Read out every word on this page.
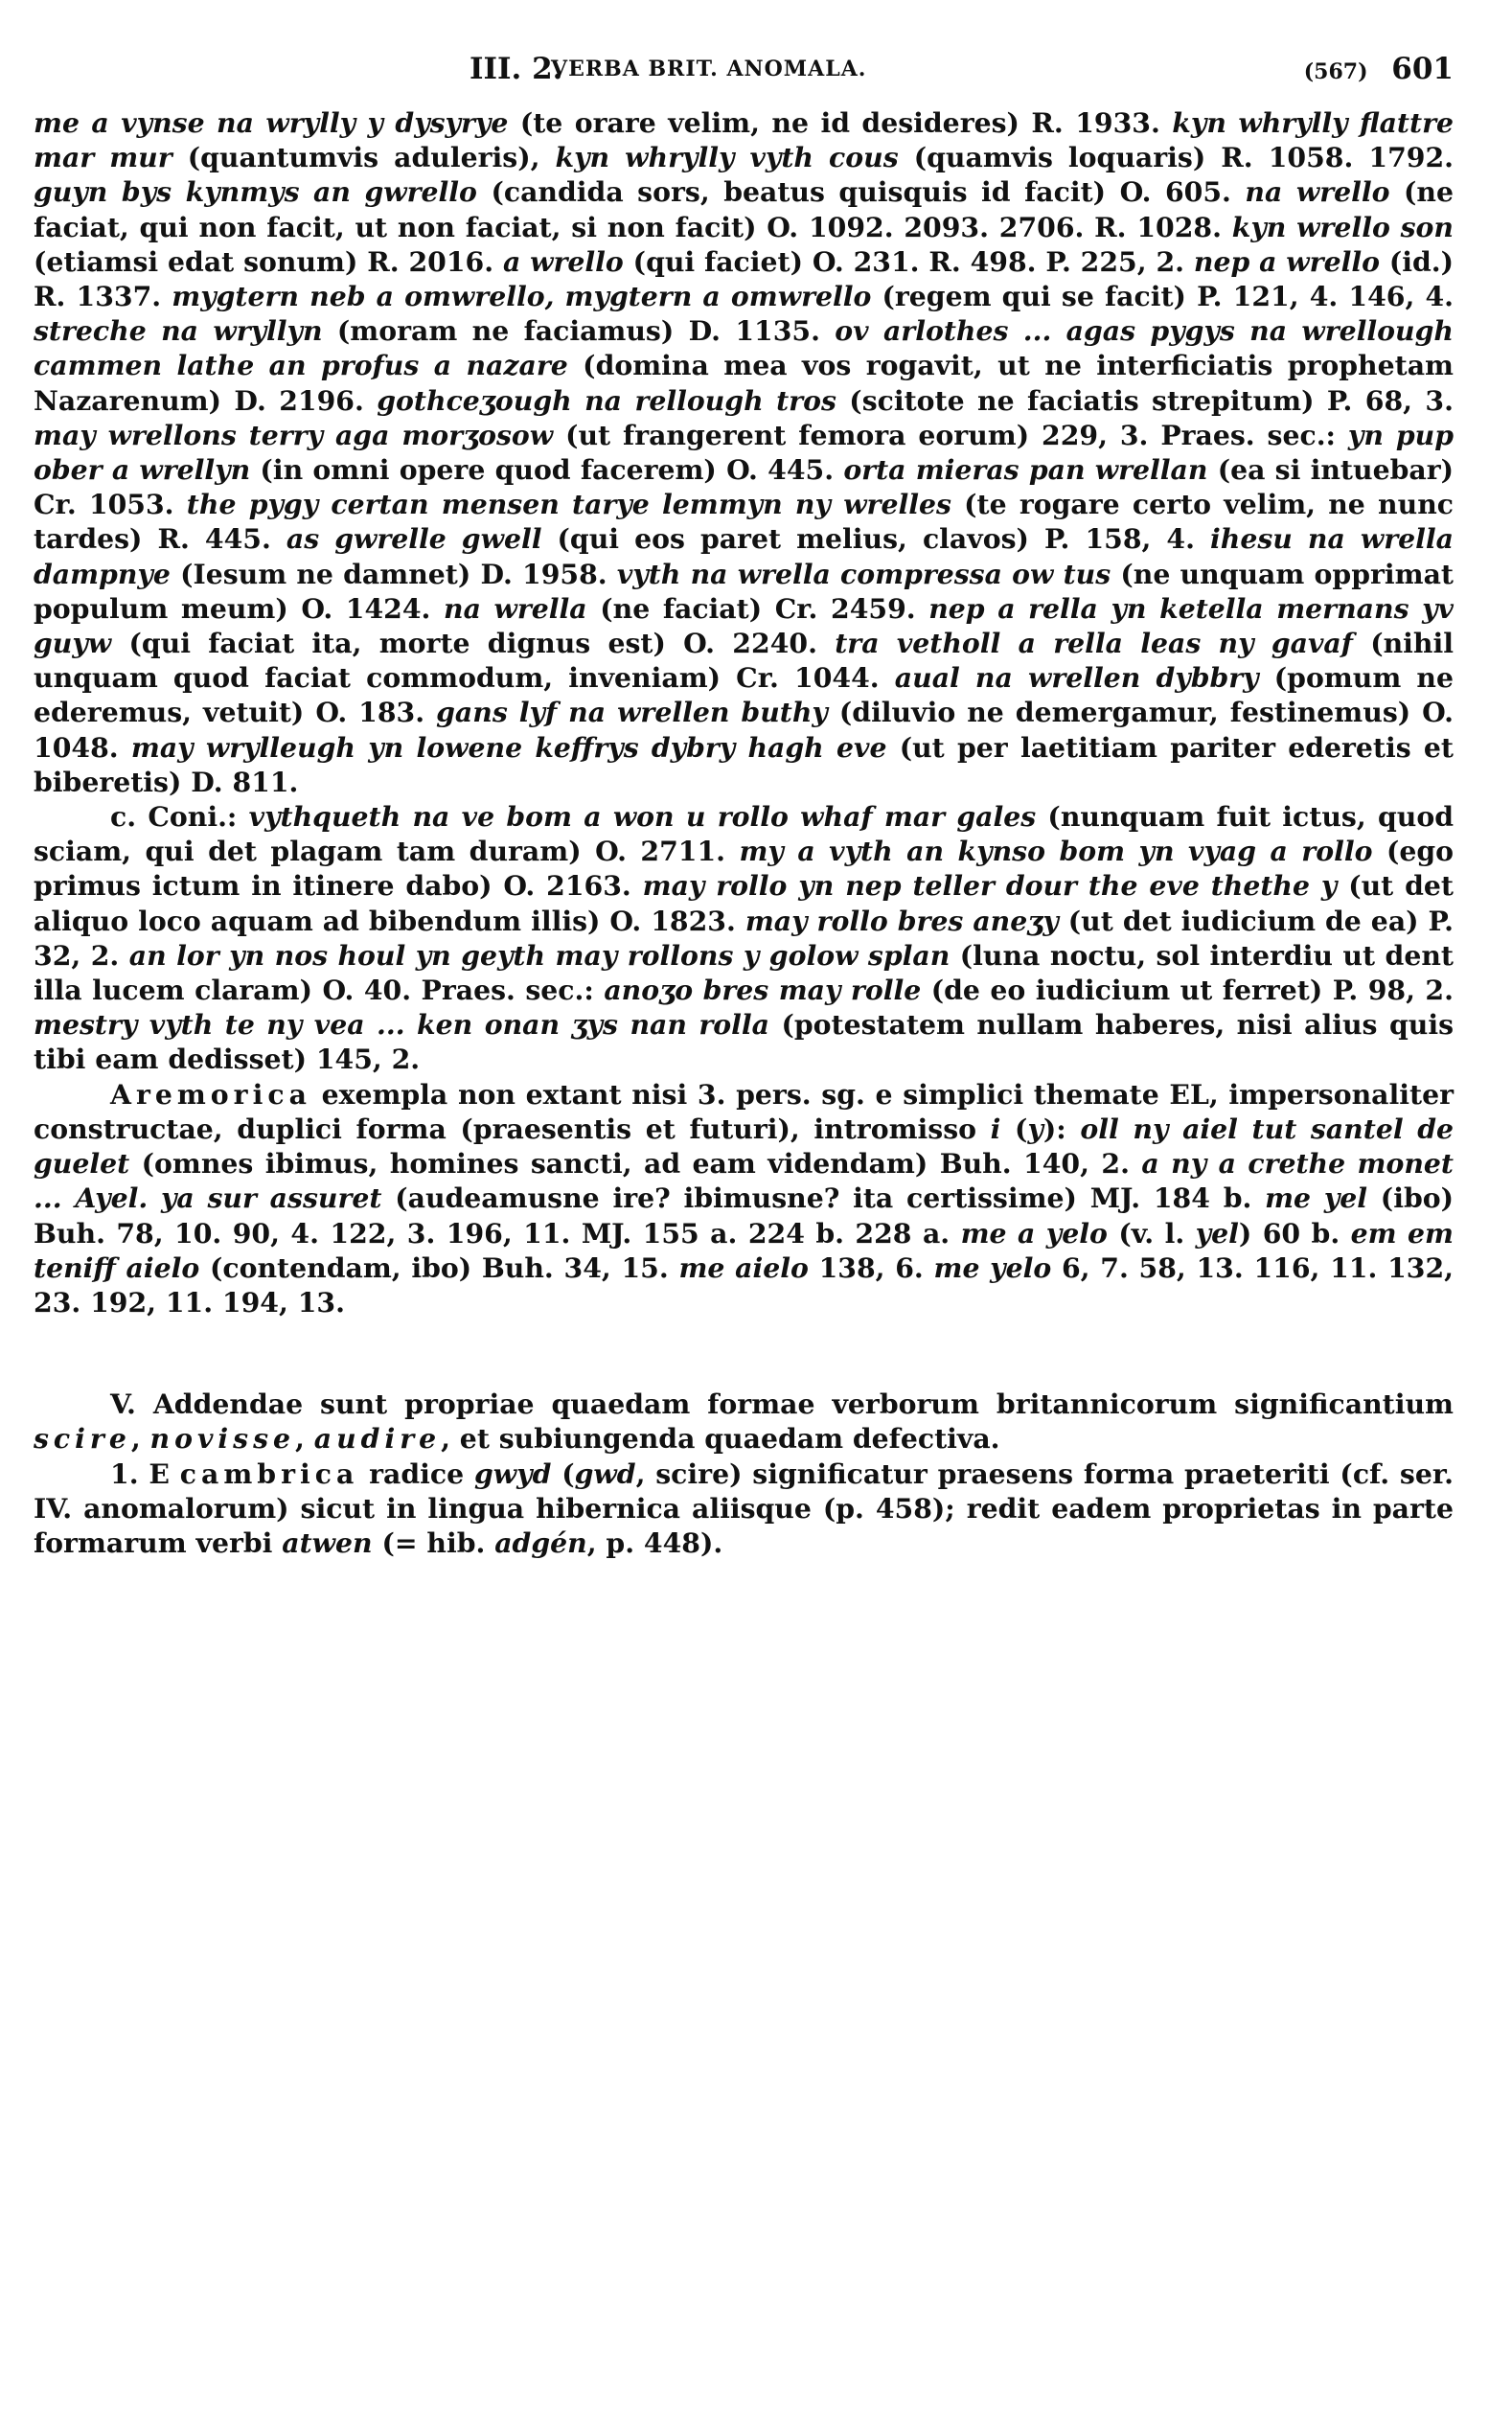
III. 2.
VERBA BRIT. ANOMALA.	(567) 601

me a vynse na wrylly y dysyrye (te orare velim, ne id desideres) R. 1933. kyn whrylly flattre mar mur (quantumvis aduleris), kyn whrylly vyth cous (quamvis loquaris) R. 1058. 1792. guyn bys kynmys an gwrello (candida sors, beatus quisquis id facit) O. 605. na wrello (ne faciat, qui non facit, ut non faciat, si non facit) O. 1092. 2093. 2706. R. 1028. kyn wrello son (etiamsi edat sonum) R. 2016. a wrello (qui faciet) O. 231. R. 498. P. 225, 2. nep a wrello (id.) R. 1337. mygtern neb a omwrello, mygtern a omwrello (regem qui se facit) P. 121, 4. 146, 4. streche na wryllyn (moram ne faciamus) D. 1135. ov arlothes ... agas pygys na wrellough cammen lathe an profus a nazare (domina mea vos rogavit, ut ne interficiatis prophetam Nazarenum) D. 2196. gothceʒough na rellough tros (scitote ne faciatis strepitum) P. 68, 3. may wrellons terry aga morʒosow (ut frangerent femora eorum) 229, 3. Praes. sec.: yn pup ober a wrellyn (in omni opere quod facerem) O. 445. orta mieras pan wrellan (ea si intuebar) Cr. 1053. the pygy certan mensen tarye lemmyn ny wrelles (te rogare certo velim, ne nunc tardes) R. 445. as gwrelle gwell (qui eos paret melius, clavos) P. 158, 4. ihesu na wrella dampnye (Iesum ne damnet) D. 1958. vyth na wrella compressa ow tus (ne unquam opprimat populum meum) O. 1424. na wrella (ne faciat) Cr. 2459. nep a rella yn ketella mernans yv guyw (qui faciat ita, morte dignus est) O. 2240. tra vetholl a rella leas ny gavaf (nihil unquam quod faciat commodum, inveniam) Cr. 1044. aual na wrellen dybbry (pomum ne ederemus, vetuit) O. 183. gans lyf na wrellen buthy (diluvio ne demergamur, festinemus) O. 1048. may wrylleugh yn lowene keffrys dybry hagh eve (ut per laetitiam pariter ederetis et biberetis) D. 811.

c. Coni.: vythqueth na ve bom a won u rollo whaf mar gales (nunquam fuit ictus, quod sciam, qui det plagam tam duram) O. 2711. my a vyth an kynso bom yn vyag a rollo (ego primus ictum in itinere dabo) O. 2163. may rollo yn nep teller dour the eve thethe y (ut det aliquo loco aquam ad bibendum illis) O. 1823. may rollo bres aneʒy (ut det iudicium de ea) P. 32, 2. an lor yn nos houl yn geyth may rollons y golow splan (luna noctu, sol interdiu ut dent illa lucem claram) O. 40. Praes. sec.: anoʒo bres may rolle (de eo iudicium ut ferret) P. 98, 2. mestry vyth te ny vea ... ken onan ʒys nan rolla (potestatem nullam haberes, nisi alius quis tibi eam dedisset) 145, 2.

Aremorica exempla non extant nisi 3. pers. sg. e simplici themate EL, impersonaliter constructae, duplici forma (praesentis et futuri), intromisso i (y): oll ny aiel tut santel de guelet (omnes ibimus, homines sancti, ad eam videndam) Buh. 140, 2. a ny a crethe monet ... Ayel. ya sur assuret (audeamusne ire? ibimusne? ita certissime) MJ. 184 b. me yel (ibo) Buh. 78, 10. 90, 4. 122, 3. 196, 11. MJ. 155 a. 224 b. 228 a. me a yelo (v. l. yel) 60 b. em em teniff aielo (contendam, ibo) Buh. 34, 15. me aielo 138, 6. me yelo 6, 7. 58, 13. 116, 11. 132, 23. 192, 11. 194, 13.

V. Addendae sunt propriae quaedam formae verborum britannicorum significantium scire, novisse, audire, et subiungenda quaedam defectiva.

1. E cambrica radice gwyd (gwd, scire) significatur praesens forma praeteriti (cf. ser. IV. anomalorum) sicut in lingua hibernica aliisque (p. 458); redit eadem proprietas in parte formarum verbi atwen (= hib. adgén, p. 448).
